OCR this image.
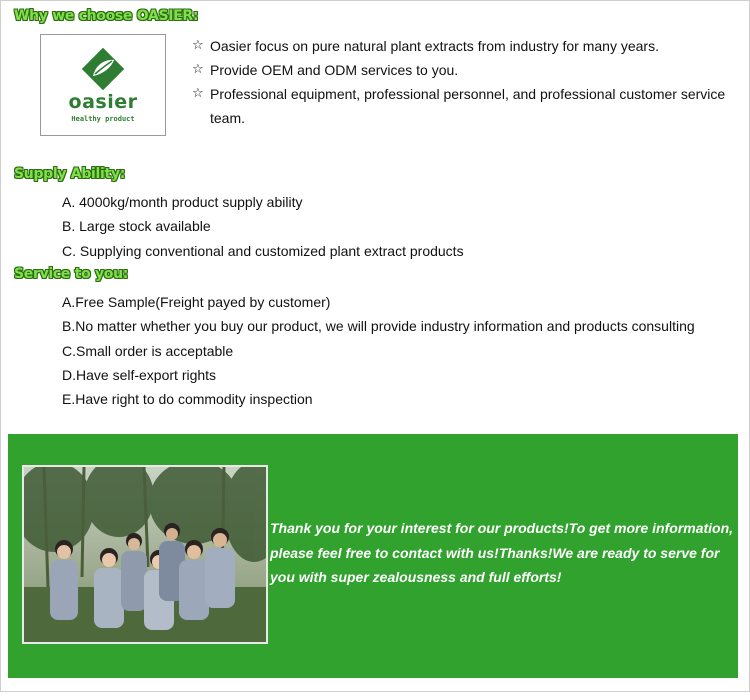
Why we choose OASIER:
oasier
Healthy product
☆ Oasier focus on pure natural plant extracts from industry for many years.
☆ Provide OEM and ODM services to you.
☆ Professional equipment, professional personnel, and professional customer service team.
Supply Ability:
A. 4000kg/month product supply ability
B. Large stock available
C. Supplying conventional and customized plant extract products
Service to you:
A.Free Sample(Freight payed by customer)
B.No matter whether you buy our product, we will provide industry information and products consulting
C.Small order is acceptable
D.Have self-export rights
E.Have right to do commodity inspection
Thank you for your interest for our products!To get more information, please feel free to contact with us!Thanks!We are ready to serve for you with super zealousness and full efforts!
